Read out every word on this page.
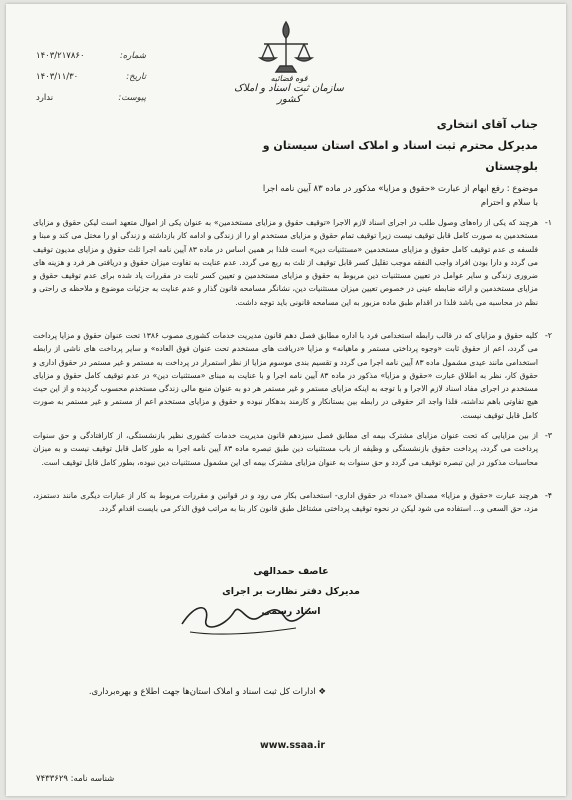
شماره:
۱۴۰۳/۲۱۷۸۶۰
تاریخ:
۱۴۰۳/۱۱/۳۰
پیوست:
ندارد
قوه قضائیه
سازمان ثبت اسناد و املاک کشور
جناب آقای انتخاری
مدیرکل محترم ثبت اسناد و املاک استان سیستان و بلوچستان
موضوع : رفع ابهام از عبارت «حقوق و مزایا» مذکور در ماده ۸۳ آیین نامه اجرا
با سلام و احترام
۱-
هرچند که یکی از راه‌های وصول طلب در اجرای اسناد لازم الاجرا «توقیف حقوق و مزایای مستخدمین» به عنوان یکی از اموال متعهد است لیکن حقوق و مزایای مستخدمین به صورت کامل قابل توقیف نیست زیرا توقیف تمام حقوق و مزایای مستخدم او را از زندگی و ادامه کار بازداشته و زندگی او را مختل می کند و مبنا و فلسفه ی عدم توقیف کامل حقوق و مزایای مستخدمین «مستثنیات دین» است فلذا بر همین اساس در ماده ۸۳ آیین نامه اجرا ثلث حقوق و مزایای مدیون توقیف می گردد و دارا بودن افراد واجب النفقه موجب تقلیل کسر قابل توقیف از ثلث به ربع می گردد. عدم عنایت به تفاوت میزان حقوق و دریافتی هر فرد و هزینه های ضروری زندگی و سایر عوامل در تعیین مستثنیات دین مربوط به حقوق و مزایای مستخدمین و تعیین کسر ثابت در مقررات یاد شده برای عدم توقیف حقوق و مزایای مستخدمین و ارائه ضابطه عینی در خصوص تعیین میزان مستثنیات دین، نشانگر مسامحه قانون گذار و عدم عنایت به جزئیات موضوع و ملاحظه ی راحتی و نظم در محاسبه می باشد فلذا در اقدام طبق ماده مزبور به این مسامحه قانونی باید توجه داشت.
۲-
کلیه حقوق و مزایای که در قالب رابطه استخدامی فرد با اداره مطابق فصل دهم قانون مدیریت خدمات کشوری مصوب ۱۳۸۶ تحت عنوان حقوق و مزایا پرداخت می گردد، اعم از حقوق ثابت «وجوه پرداختی مستمر و ماهیانه» و مزایا «دریافت های مستخدم تحت عنوان فوق العاده» و سایر پرداخت های ناشی از رابطه استخدامی مانند عیدی مشمول ماده ۸۳ آیین نامه اجرا می گردد و تقسیم بندی موسوم مزایا از نظر استمرار در پرداخت به مستمر و غیر مستمر در حقوق اداری و حقوق کار، نظر به اطلاق عبارت «حقوق و مزایا» مذکور در ماده ۸۳ آیین نامه اجرا و با عنایت به مبنای «مستثنیات دین» در عدم توقیف کامل حقوق و مزایای مستخدم در اجرای مفاد اسناد لازم الاجرا و با توجه به اینکه مزایای مستمر و غیر مستمر هر دو به عنوان منبع مالی زندگی مستخدم محسوب گردیده و از این حیث هیچ تفاوتی باهم نداشته، فلذا واجد اثر حقوقی در رابطه بین بستانکار و کارمند بدهکار نبوده و حقوق و مزایای مستخدم اعم از مستمر و غیر مستمر به صورت کامل قابل توقیف نیست.
۳-
از بین مزایایی که تحت عنوان مزایای مشترک بیمه ای مطابق فصل سیزدهم قانون مدیریت خدمات کشوری نظیر بازنشستگی، از کارافتادگی و حق سنوات پرداخت می گردد، پرداخت حقوق بازنشستگی و وظیفه از باب مستثنیات دین طبق تبصره ماده ۸۳ آیین نامه اجرا به طور کامل قابل توقیف نیست و به میزان محاسبات مذکور در این تبصره توقیف می گردد و حق سنوات به عنوان مزایای مشترک بیمه ای این مشمول مستثنیات دین نبوده، بطور کامل قابل توقیف است.
۴-
هرچند عبارت «حقوق و مزایا» مصداق «مددا» در حقوق اداری- استخدامی بکار می رود و در قوانین و مقررات مربوط به کار از عبارات دیگری مانند دستمزد، مزد، حق السعی و... استفاده می شود لیکن در نحوه توقیف پرداختی مشتاغل طبق قانون کار بنا به مراتب فوق الذکر می بایست اقدام گردد.
عاصف حمدالهی
مدیرکل دفتر نظارت بر اجرای اسناد رسمی
❖ ادارات کل ثبت اسناد و املاک استان‌ها جهت اطلاع و بهره‌برداری.
www.ssaa.ir
شناسه نامه: ۷۴۳۳۶۲۹
